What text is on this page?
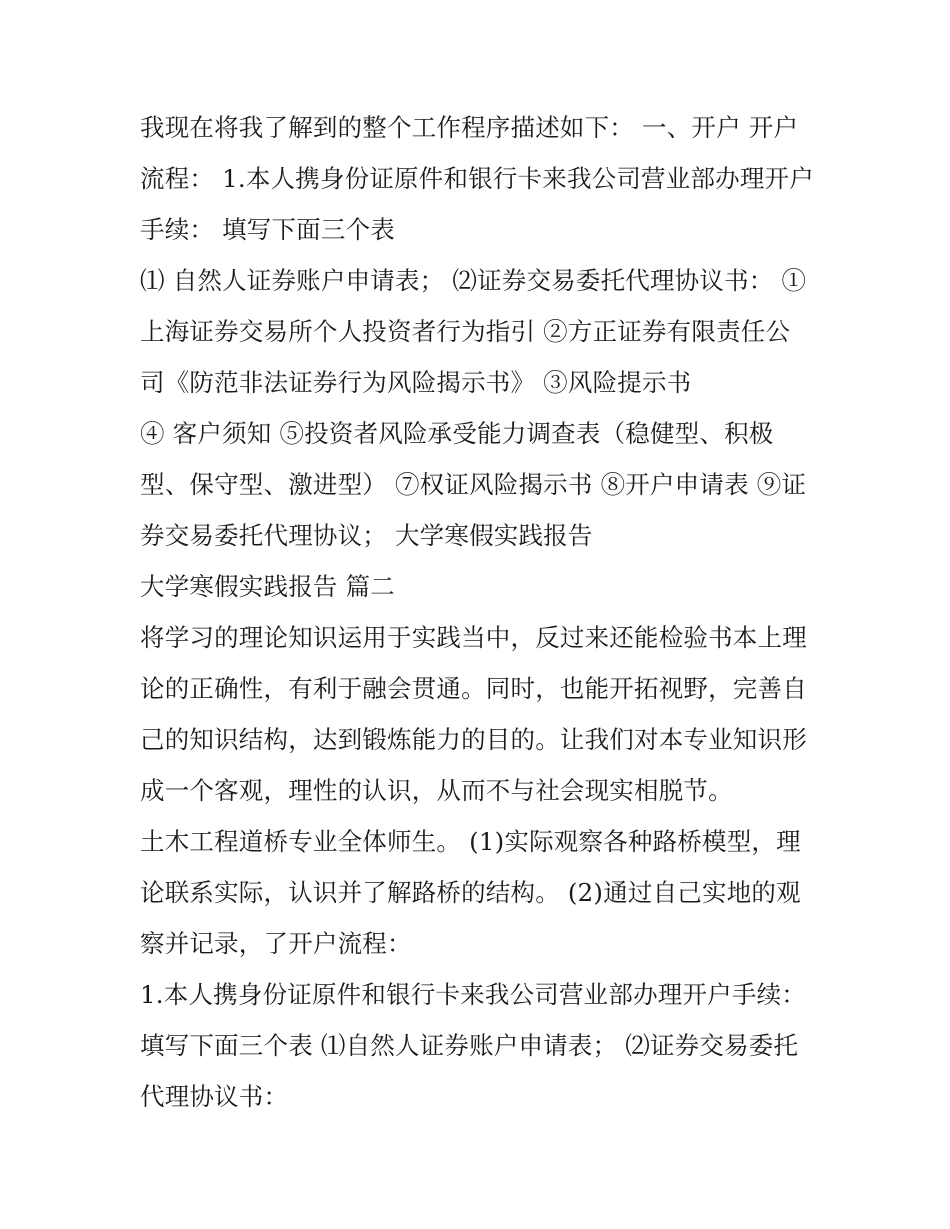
我现在将我了解到的整个工作程序描述如下： 一、开户 开户
流程： 1.本人携身份证原件和银行卡来我公司营业部办理开户
手续： 填写下面三个表
⑴ 自然人证券账户申请表； ⑵证券交易委托代理协议书： ①
上海证券交易所个人投资者行为指引 ②方正证券有限责任公
司《防范非法证券行为风险揭示书》 ③风险提示书
④ 客户须知 ⑤投资者风险承受能力调查表（稳健型、积极
型、保守型、激进型） ⑦权证风险揭示书 ⑧开户申请表 ⑨证
券交易委托代理协议； 大学寒假实践报告
大学寒假实践报告 篇二
将学习的理论知识运用于实践当中，反过来还能检验书本上理
论的正确性，有利于融会贯通。同时，也能开拓视野，完善自
己的知识结构，达到锻炼能力的目的。让我们对本专业知识形
成一个客观，理性的认识，从而不与社会现实相脱节。
土木工程道桥专业全体师生。 (1)实际观察各种路桥模型，理
论联系实际，认识并了解路桥的结构。 (2)通过自己实地的观
察并记录，了开户流程：
1.本人携身份证原件和银行卡来我公司营业部办理开户手续：
填写下面三个表 ⑴自然人证券账户申请表； ⑵证券交易委托
代理协议书：
